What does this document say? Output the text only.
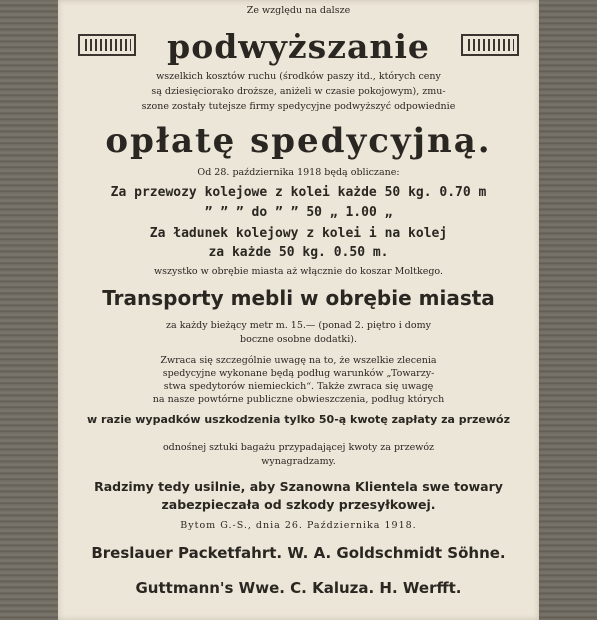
Ze względu na dalsze
podwyższanie
wszelkich kosztów ruchu (środków paszy itd., których ceny
są dziesięciorako droższe, aniżeli w czasie pokojowym), zmu-
szone zostały tutejsze firmy spedycyjne podwyższyć odpowiednie
opłatę spedycyjną.
Od 28. października 1918 będą obliczane:
Za przewozy kolejowe z kolei każde 50 kg. 0.70 m
” ” ” do ” ” 50 „ 1.00 „
Za ładunek kolejowy z kolei i na kolej
za każde 50 kg. 0.50 m.
wszystko w obrębie miasta aż włącznie do koszar Moltkego.
Transporty mebli w obrębie miasta
za każdy bieżący metr m. 15.— (ponad 2. piętro i domy
boczne osobne dodatki).
Zwraca się szczególnie uwagę na to, że wszelkie zlecenia
spedycyjne wykonane będą podług warunków „Towarzy-
stwa spedytorów niemieckich“. Także zwraca się uwagę
na nasze powtórne publiczne obwieszczenia, podług których
w razie wypadków uszkodzenia tylko 50-ą kwotę zapłaty za przewóz
odnośnej sztuki bagażu przypadającej kwoty za przewóz
wynagradzamy.
Radzimy tedy usilnie, aby Szanowna Klientela swe towary
zabezpieczała od szkody przesyłkowej.
Bytom G.-S., dnia 26. Października 1918.
Breslauer Packetfahrt. W. A. Goldschmidt Söhne.
Guttmann's Wwe. C. Kaluza. H. Werfft.
